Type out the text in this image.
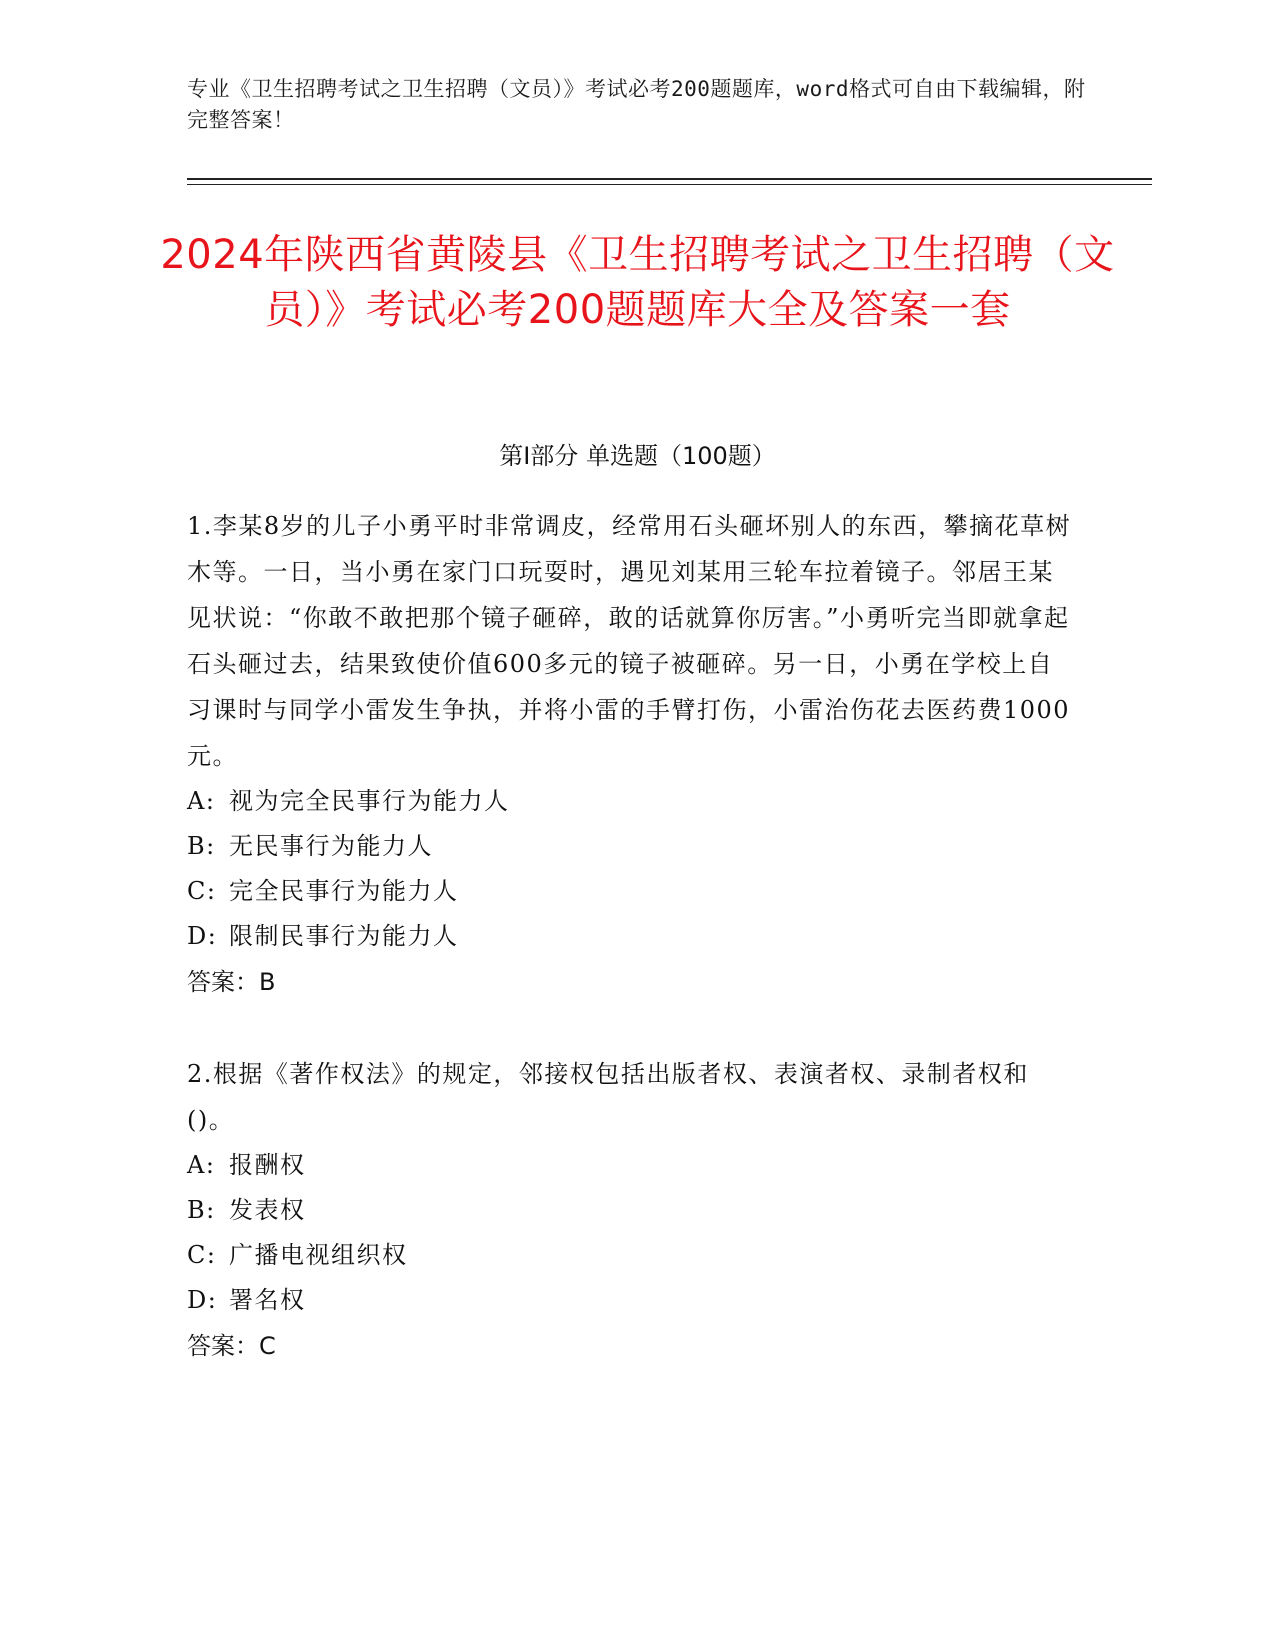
专业《卫生招聘考试之卫生招聘（文员）》考试必考200题题库，word格式可自由下载编辑，附完整答案！
2024年陕西省黄陵县《卫生招聘考试之卫生招聘（文员）》考试必考200题题库大全及答案一套
第Ⅰ部分 单选题（100题）

1.李某8岁的儿子小勇平时非常调皮，经常用石头砸坏别人的东西，攀摘花草树木等。一日，当小勇在家门口玩耍时，遇见刘某用三轮车拉着镜子。邻居王某见状说：“你敢不敢把那个镜子砸碎，敢的话就算你厉害。”小勇听完当即就拿起石头砸过去，结果致使价值600多元的镜子被砸碎。另一日，小勇在学校上自习课时与同学小雷发生争执，并将小雷的手臂打伤，小雷治伤花去医药费1000元。

A: 视为完全民事行为能力人

B: 无民事行为能力人

C: 完全民事行为能力人

D: 限制民事行为能力人

答案：B

2.根据《著作权法》的规定，邻接权包括出版者权、表演者权、录制者权和()。

A: 报酬权

B: 发表权

C: 广播电视组织权

D: 署名权

答案：C
